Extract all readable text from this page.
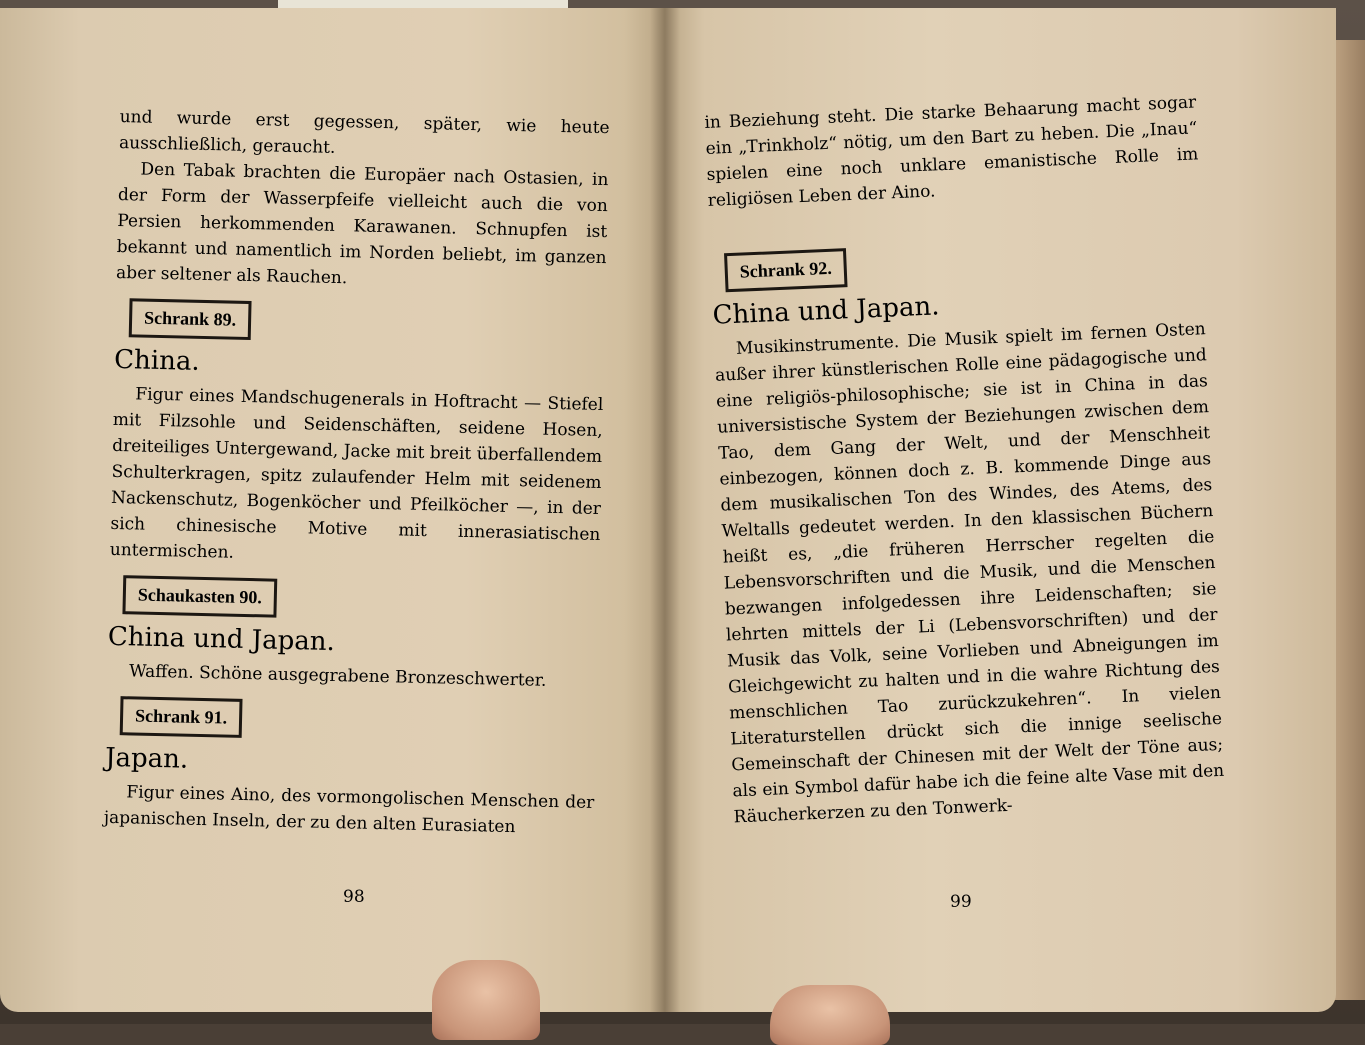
und wurde erst gegessen, später, wie heute ausschließlich, geraucht.

Den Tabak brachten die Europäer nach Ostasien, in der Form der Wasserpfeife vielleicht auch die von Persien herkommenden Karawanen. Schnupfen ist bekannt und namentlich im Norden beliebt, im ganzen aber seltener als Rauchen.

Schrank 89.
China.

Figur eines Mandschugenerals in Hoftracht — Stiefel mit Filzsohle und Seidenschäften, seidene Hosen, dreiteiliges Untergewand, Jacke mit breit überfallendem Schulterkragen, spitz zulaufender Helm mit seidenem Nackenschutz, Bogenköcher und Pfeilköcher —, in der sich chinesische Motive mit innerasiatischen untermischen.

Schaukasten 90.
China und Japan.

Waffen. Schöne ausgegrabene Bronzeschwerter.

Schrank 91.
Japan.

Figur eines Aino, des vormongolischen Menschen der japanischen Inseln, der zu den alten Eurasiaten

in Beziehung steht. Die starke Behaarung macht sogar ein „Trinkholz“ nötig, um den Bart zu heben. Die „Inau“ spielen eine noch unklare emanistische Rolle im religiösen Leben der Aino.

Schrank 92.
China und Japan.

Musikinstrumente. Die Musik spielt im fernen Osten außer ihrer künstlerischen Rolle eine pädagogische und eine religiös-philosophische; sie ist in China in das universistische System der Beziehungen zwischen dem Tao, dem Gang der Welt, und der Menschheit einbezogen, können doch z. B. kommende Dinge aus dem musikalischen Ton des Windes, des Atems, des Weltalls gedeutet werden. In den klassischen Büchern heißt es, „die früheren Herrscher regelten die Lebensvorschriften und die Musik, und die Menschen bezwangen infolgedessen ihre Leidenschaften; sie lehrten mittels der Li (Lebensvorschriften) und der Musik das Volk, seine Vorlieben und Abneigungen im Gleichgewicht zu halten und in die wahre Richtung des menschlichen Tao zurückzukehren“. In vielen Literaturstellen drückt sich die innige seelische Gemeinschaft der Chinesen mit der Welt der Töne aus; als ein Symbol dafür habe ich die feine alte Vase mit den Räucherkerzen zu den Tonwerk-

98	99
